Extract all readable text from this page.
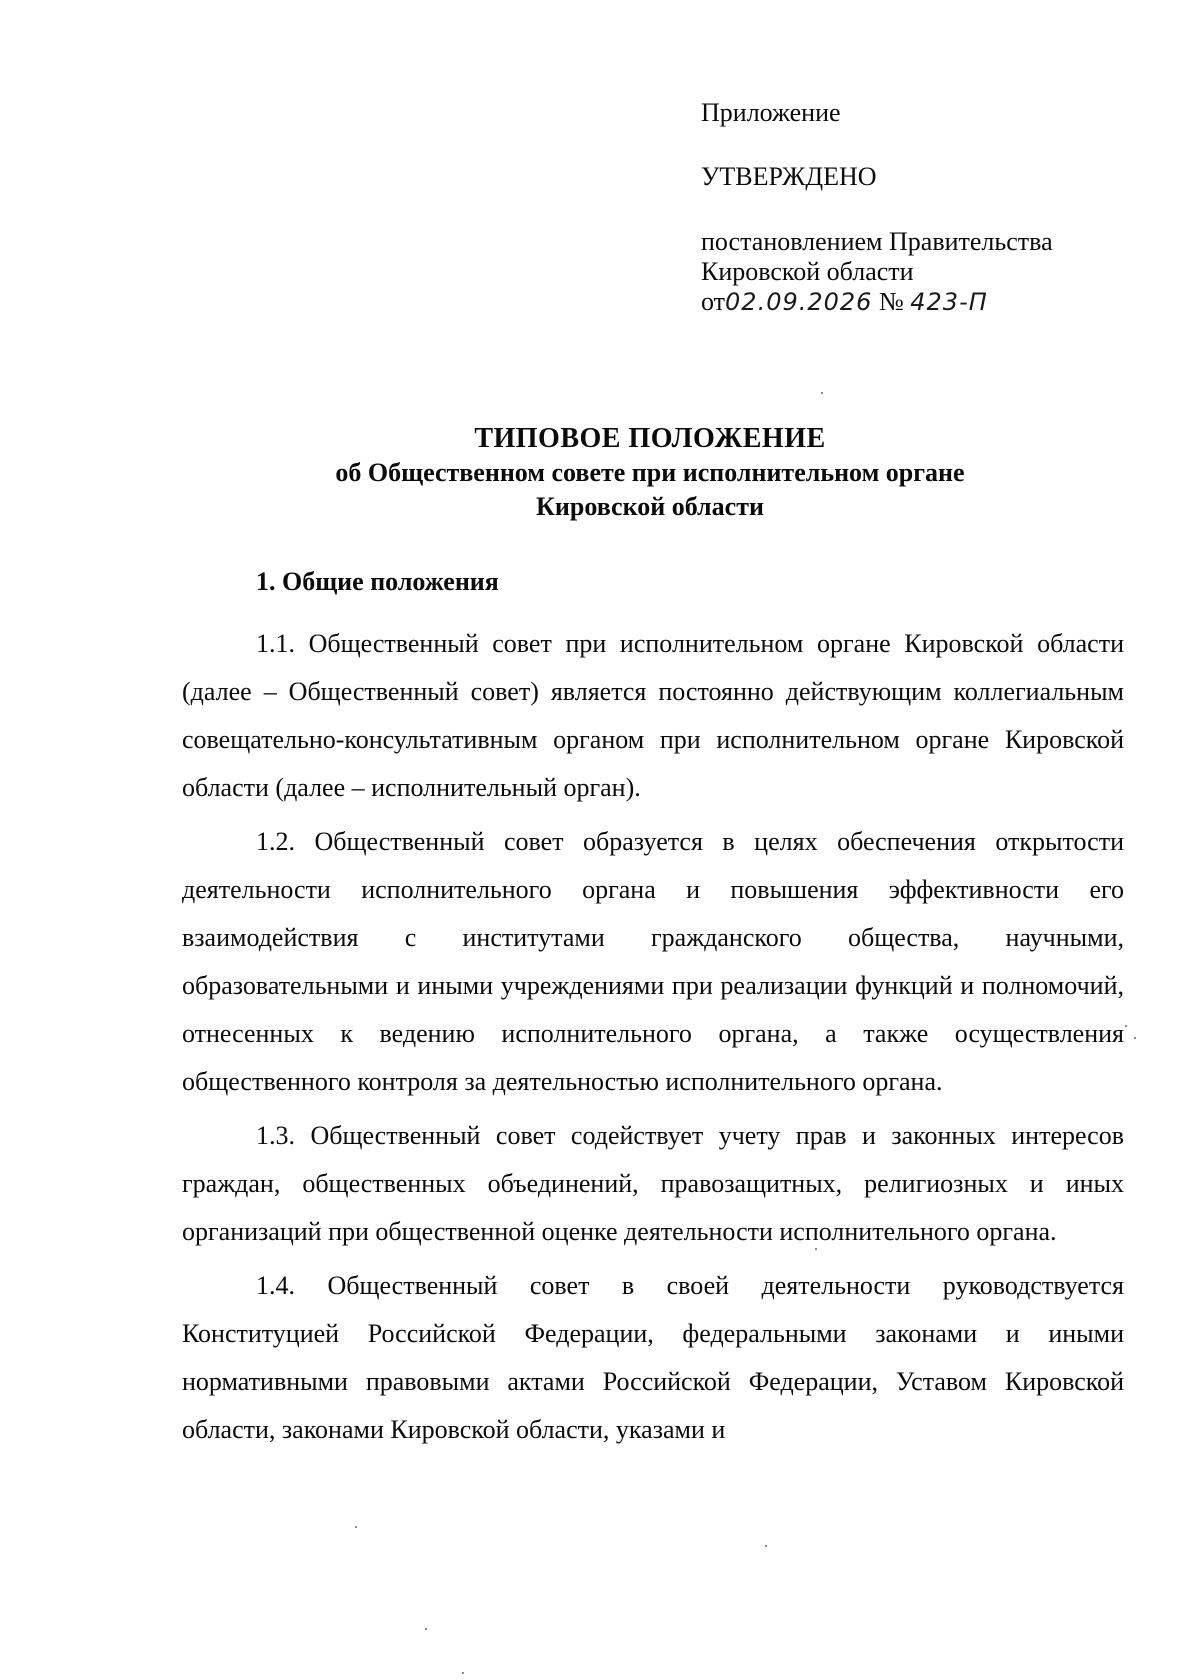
Приложение
УТВЕРЖДЕНО
постановлением Правительства
Кировской области
от02.09.2026 № 423-П
ТИПОВОЕ ПОЛОЖЕНИЕ
об Общественном совете при исполнительном органе
Кировской области
1. Общие положения

1.1. Общественный совет при исполнительном органе Кировской области (далее – Общественный совет) является постоянно действующим коллегиальным совещательно-консультативным органом при исполнительном органе Кировской области (далее – исполнительный орган).

1.2. Общественный совет образуется в целях обеспечения открытости деятельности исполнительного органа и повышения эффективности его взаимодействия с институтами гражданского общества, научными, образовательными и иными учреждениями при реализации функций и полномочий, отнесенных к ведению исполнительного органа, а также осуществления общественного контроля за деятельностью исполнительного органа.

1.3. Общественный совет содействует учету прав и законных интересов граждан, общественных объединений, правозащитных, религиозных и иных организаций при общественной оценке деятельности исполнительного органа.

1.4. Общественный совет в своей деятельности руководствуется Конституцией Российской Федерации, федеральными законами и иными нормативными правовыми актами Российской Федерации, Уставом Кировской области, законами Кировской области, указами и
